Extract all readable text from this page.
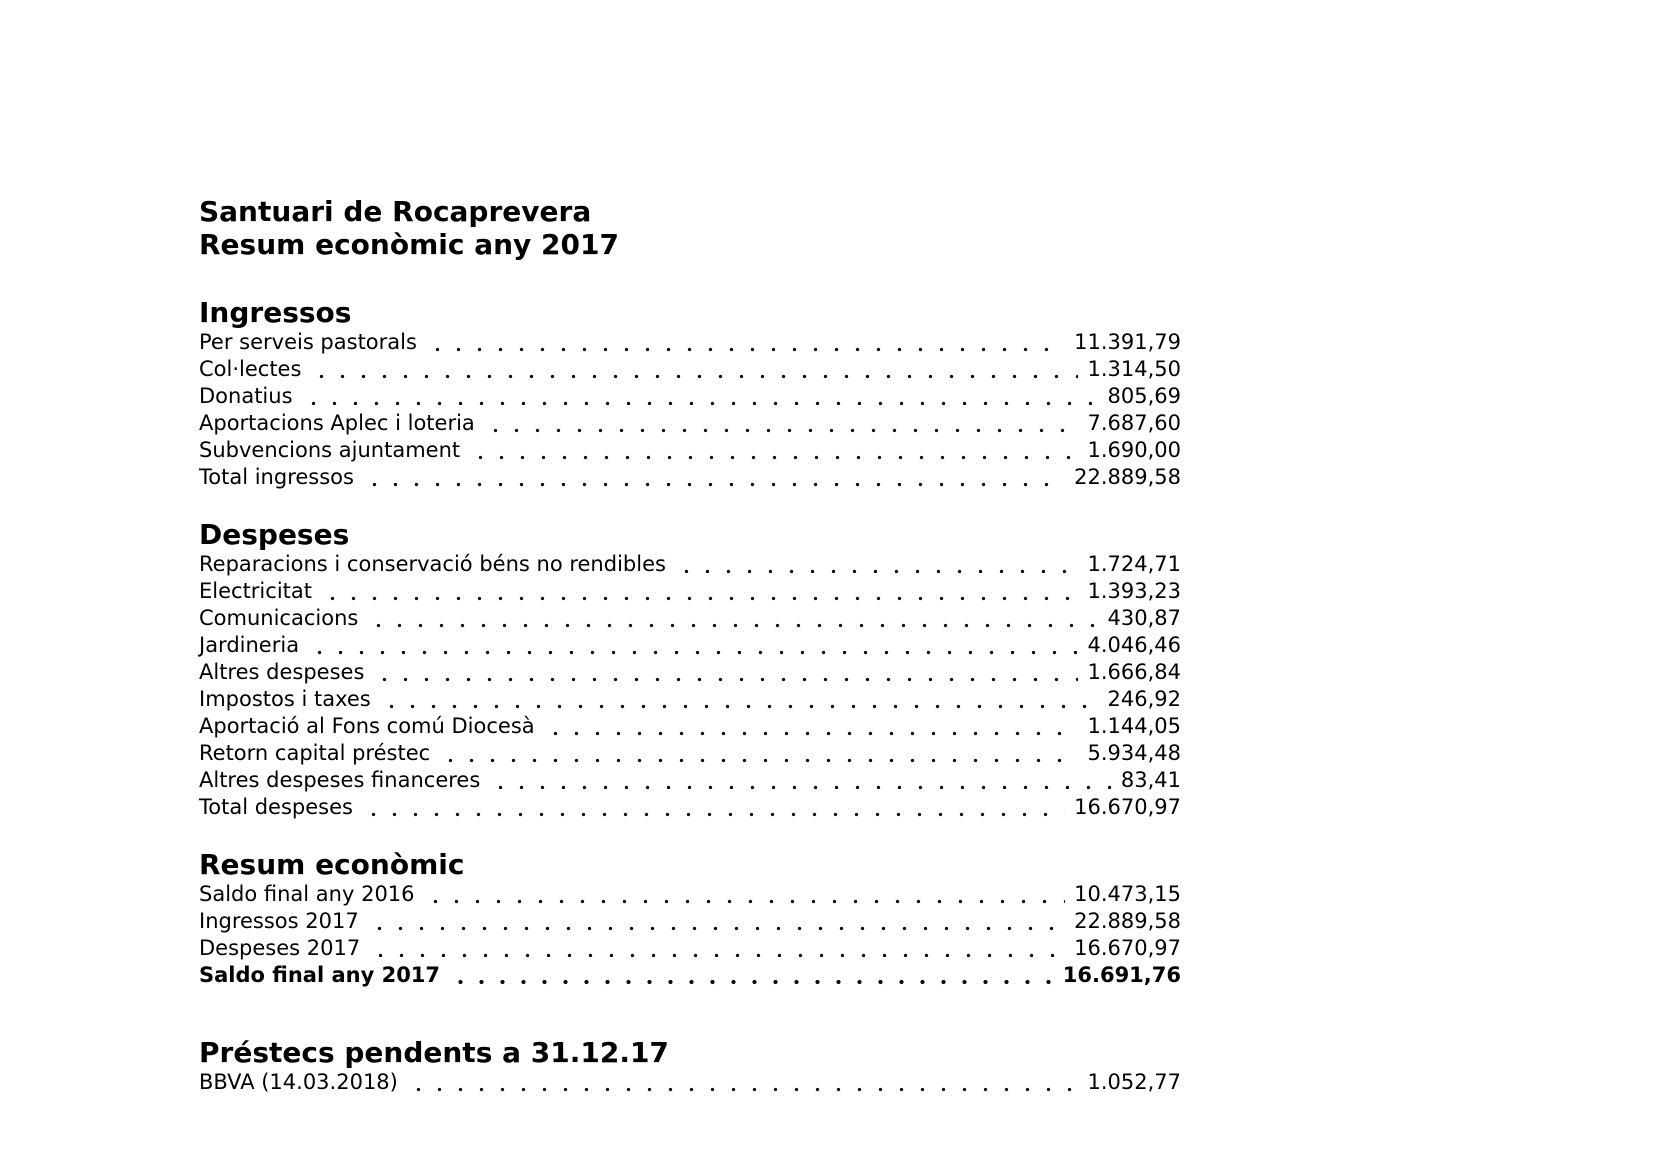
Santuari de Rocaprevera
Resum econòmic any 2017
Ingressos
Per serveis pastorals	11.391,79
Col·lectes	1.314,50
Donatius	805,69
Aportacions Aplec i loteria	7.687,60
Subvencions ajuntament	1.690,00
Total ingressos	22.889,58
Despeses
Reparacions i conservació béns no rendibles	1.724,71
Electricitat	1.393,23
Comunicacions	430,87
Jardineria	4.046,46
Altres despeses	1.666,84
Impostos i taxes	246,92
Aportació al Fons comú Diocesà	1.144,05
Retorn capital préstec	5.934,48
Altres despeses financeres	83,41
Total despeses	16.670,97
Resum econòmic
Saldo final any 2016	10.473,15
Ingressos 2017	22.889,58
Despeses 2017	16.670,97
Saldo final any 2017	16.691,76
Préstecs pendents a 31.12.17
BBVA (14.03.2018)	1.052,77
